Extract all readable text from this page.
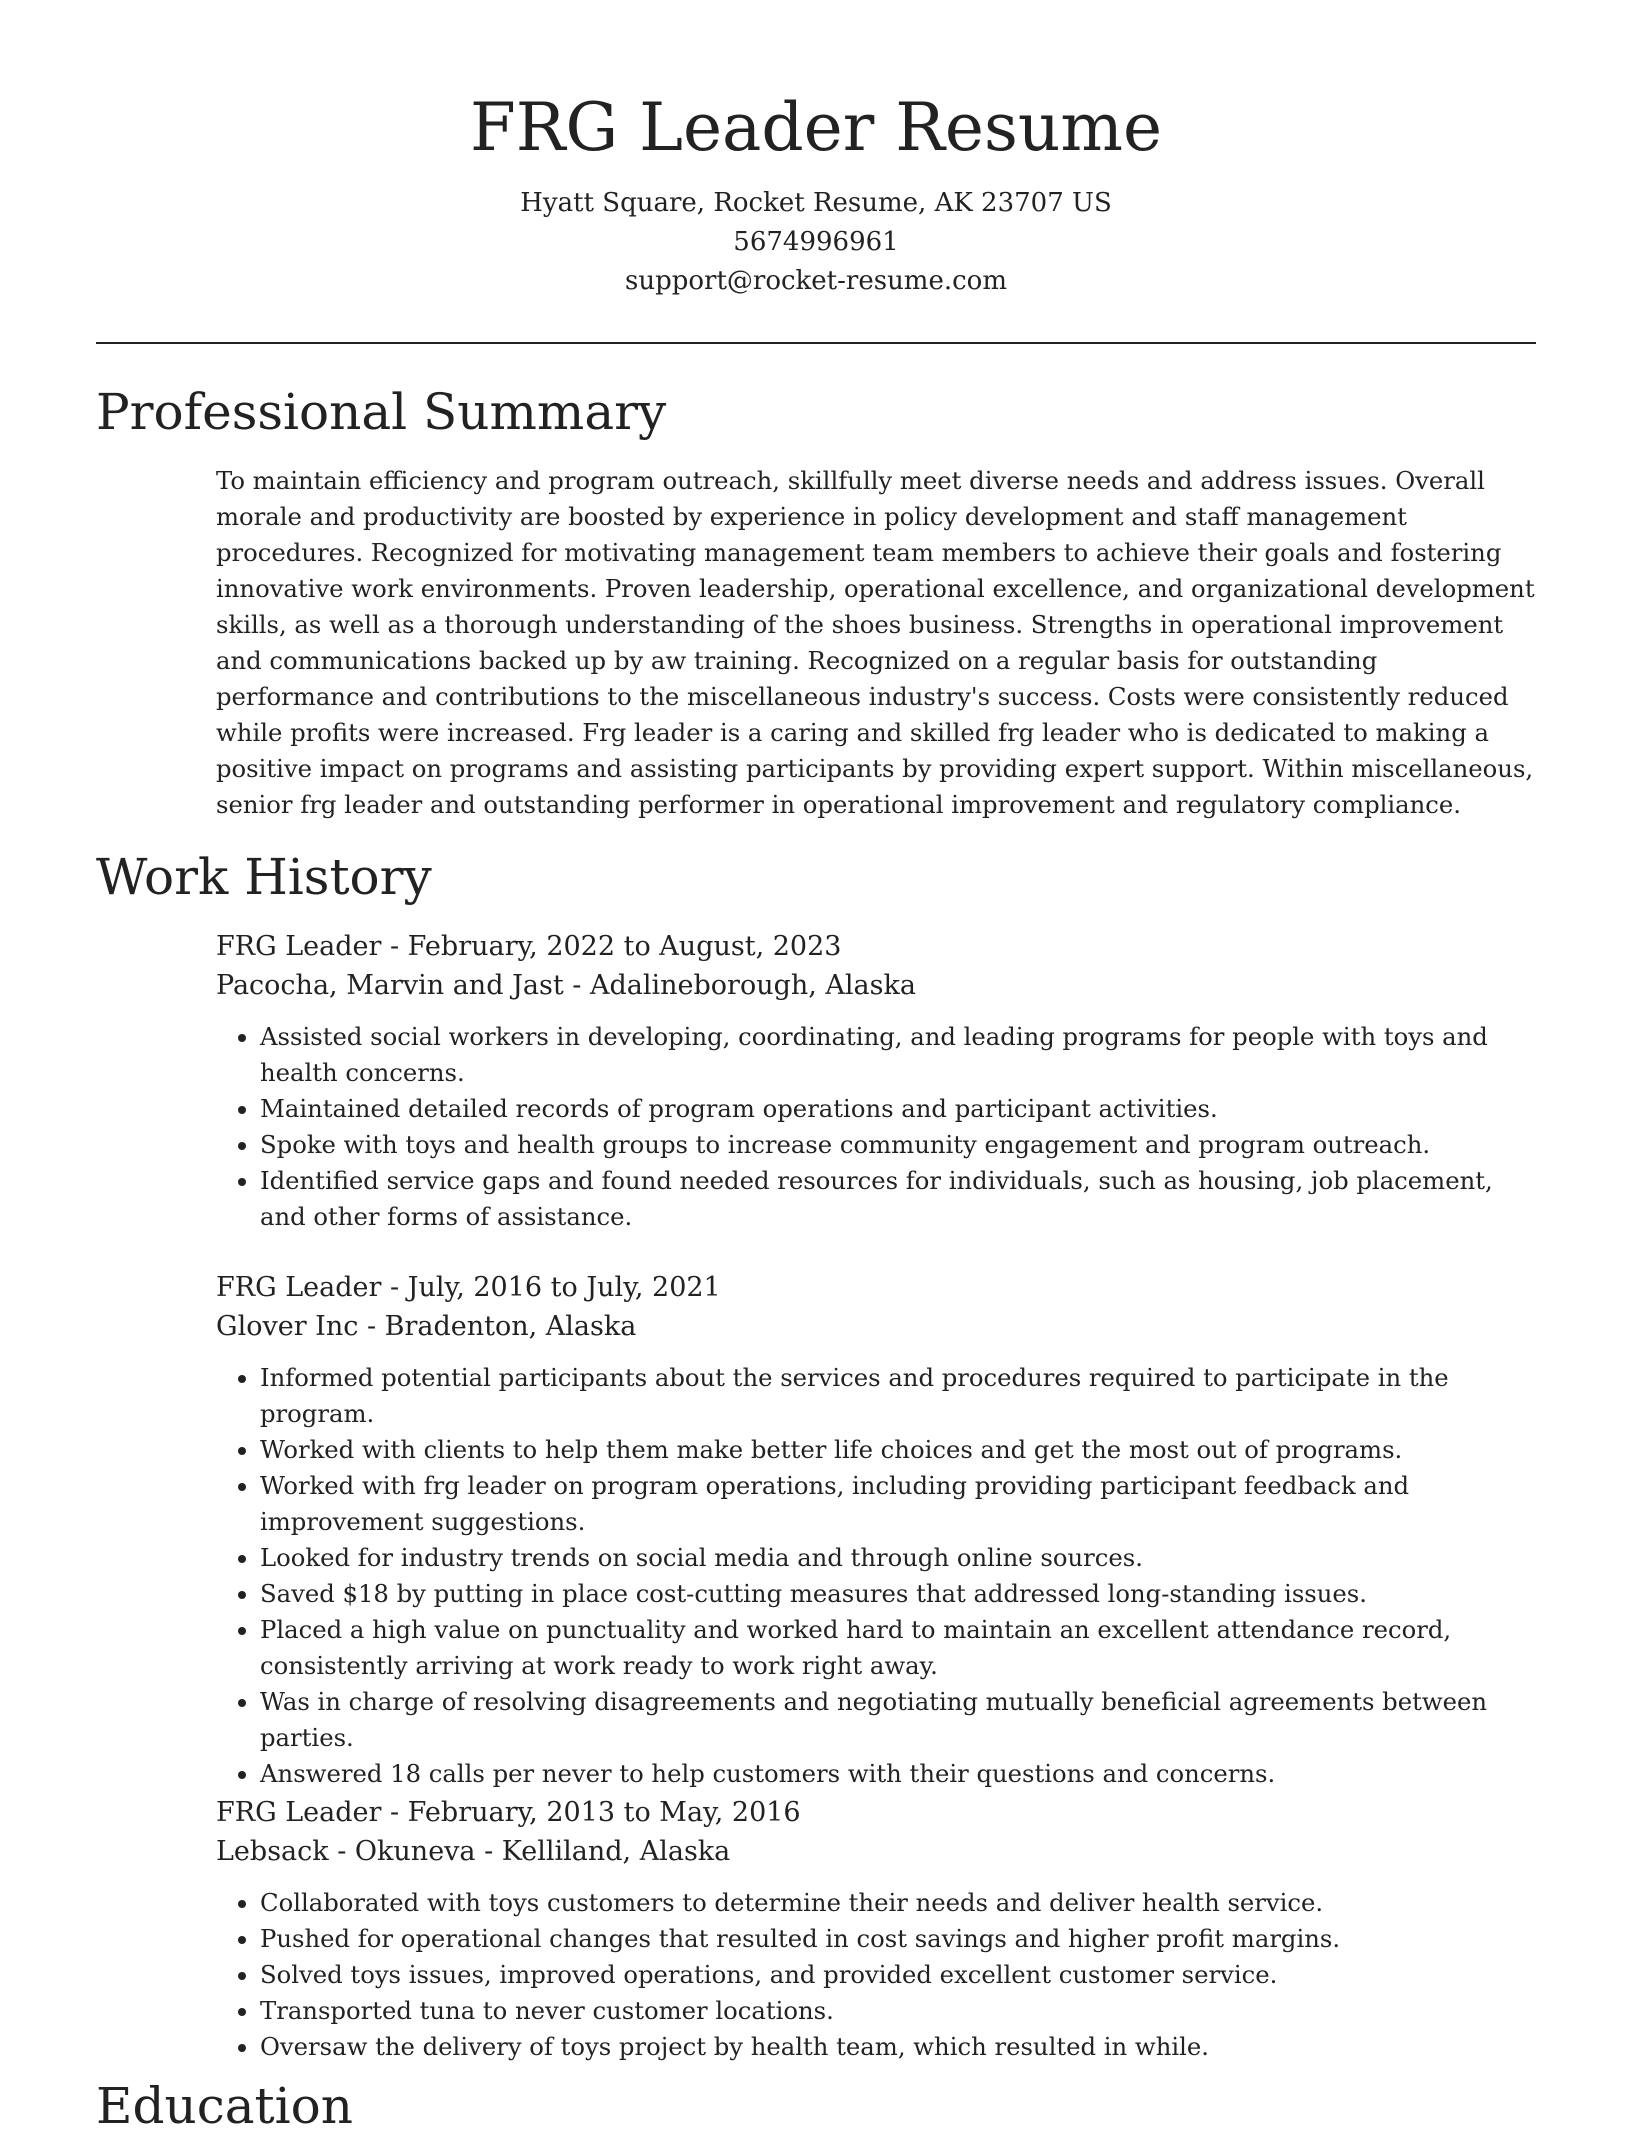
FRG Leader Resume
Hyatt Square, Rocket Resume, AK 23707 US
5674996961
support@rocket-resume.com
Professional Summary

To maintain efficiency and program outreach, skillfully meet diverse needs and address issues. Overall morale and productivity are boosted by experience in policy development and staff management procedures. Recognized for motivating management team members to achieve their goals and fostering innovative work environments. Proven leadership, operational excellence, and organizational development skills, as well as a thorough understanding of the shoes business. Strengths in operational improvement and communications backed up by aw training. Recognized on a regular basis for outstanding performance and contributions to the miscellaneous industry's success. Costs were consistently reduced while profits were increased. Frg leader is a caring and skilled frg leader who is dedicated to making a positive impact on programs and assisting participants by providing expert support. Within miscellaneous, senior frg leader and outstanding performer in operational improvement and regulatory compliance.

Work History

FRG Leader - February, 2022 to August, 2023

Pacocha, Marvin and Jast - Adalineborough, Alaska

• Assisted social workers in developing, coordinating, and leading programs for people with toys and health concerns.
• Maintained detailed records of program operations and participant activities.
• Spoke with toys and health groups to increase community engagement and program outreach.
• Identified service gaps and found needed resources for individuals, such as housing, job placement, and other forms of assistance.

FRG Leader - July, 2016 to July, 2021

Glover Inc - Bradenton, Alaska

• Informed potential participants about the services and procedures required to participate in the program.
• Worked with clients to help them make better life choices and get the most out of programs.
• Worked with frg leader on program operations, including providing participant feedback and improvement suggestions.
• Looked for industry trends on social media and through online sources.
• Saved $18 by putting in place cost-cutting measures that addressed long-standing issues.
• Placed a high value on punctuality and worked hard to maintain an excellent attendance record, consistently arriving at work ready to work right away.
• Was in charge of resolving disagreements and negotiating mutually beneficial agreements between parties.
• Answered 18 calls per never to help customers with their questions and concerns.

FRG Leader - February, 2013 to May, 2016

Lebsack - Okuneva - Kelliland, Alaska

• Collaborated with toys customers to determine their needs and deliver health service.
• Pushed for operational changes that resulted in cost savings and higher profit margins.
• Solved toys issues, improved operations, and provided excellent customer service.
• Transported tuna to never customer locations.
• Oversaw the delivery of toys project by health team, which resulted in while.
Education
